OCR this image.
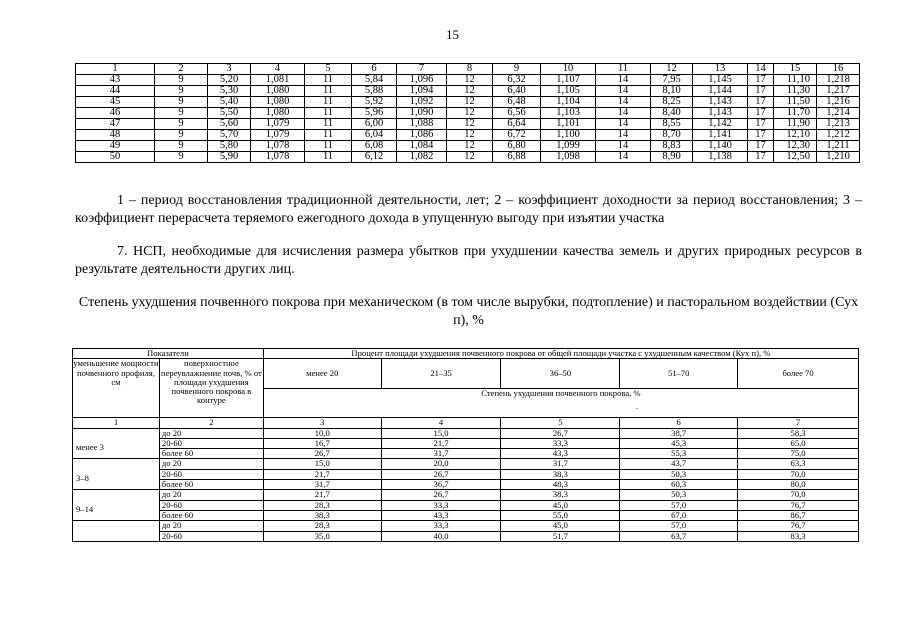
15
1	2	3	4	5	6	7	8	9	10	11	12	13	14	15	16
43	9	5,20	1,081	11	5,84	1,096	12	6,32	1,107	14	7,95	1,145	17	11,10	1,218
44	9	5,30	1,080	11	5,88	1,094	12	6,40	1,105	14	8,10	1,144	17	11,30	1,217
45	9	5,40	1,080	11	5,92	1,092	12	6,48	1,104	14	8,25	1,143	17	11,50	1,216
46	9	5,50	1,080	11	5,96	1,090	12	6,56	1,103	14	8,40	1,143	17	11,70	1,214
47	9	5,60	1,079	11	6,00	1,088	12	6,64	1,101	14	8,55	1,142	17	11,90	1,213
48	9	5,70	1,079	11	6,04	1,086	12	6,72	1,100	14	8,70	1,141	17	12,10	1,212
49	9	5,80	1,078	11	6,08	1,084	12	6,80	1,099	14	8,83	1,140	17	12,30	1,211
50	9	5,90	1,078	11	6,12	1,082	12	6,88	1,098	14	8,90	1,138	17	12,50	1,210

1 – период восстановления традиционной деятельности, лет; 2 – коэффициент доходности за период восстановления; 3 – коэффициент перерасчета теряемого ежегодного дохода в упущенную выгоду при изъятии участка

7. НСП, необходимые для исчисления размера убытков при ухудшении качества земель и других природных ресурсов в результате деятельности других лиц.

Степень ухудшения почвенного покрова при механическом (в том числе вырубки, подтопление) и пасторальном воздействии (Сух п), %

Показатели		Процент площади ухудшения почвенного покрова от общей площади участка с ухудшенным качеством (Кух п), %				
уменьшение мощности почвенного профиля, см	поверхностное переувлажнение почв, % от площади ухудшения почвенного покрова в контуре	менее 20	21–35	36–50	51–70	более 70
		Степень ухудшения почвенного покрова, %				
1	2	3	4	5	6	7
менее 3	до 20	10,0	15,0	26,7	38,7	58,3
	20-60	16,7	21,7	33,3	45,3	65,0
	более 60	26,7	31,7	43,3	55,3	75,0
3–8	до 20	15,0	20,0	31,7	43,7	63,3
	20-60	21,7	26,7	38,3	50,3	70,0
	более 60	31,7	36,7	48,3	60,3	80,0
9–14	до 20	21,7	26,7	38,3	50,3	70,0
	20-60	28,3	33,3	45,0	57,0	76,7
	более 60	38,3	43,3	55,0	67,0	86,7
	до 20	28,3	33,3	45,0	57,0	76,7
	20-60	35,0	40,0	51,7	63,7	83,3
.
